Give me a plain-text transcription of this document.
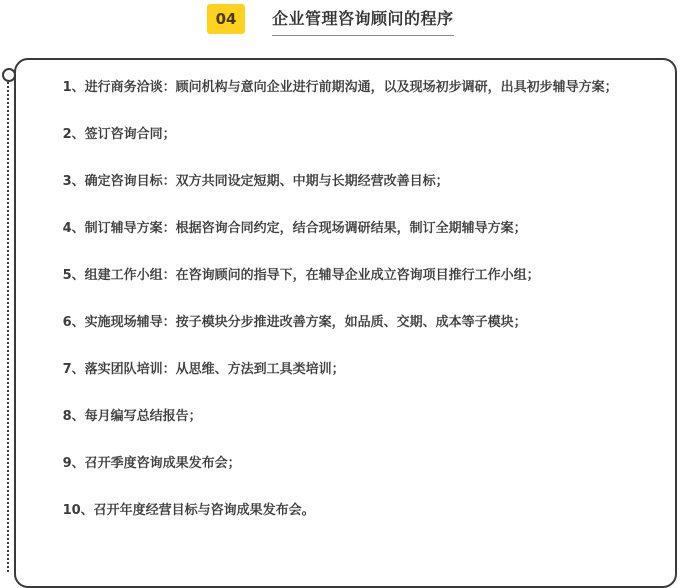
04	企业管理咨询顾问的程序

1、进行商务洽谈：顾问机构与意向企业进行前期沟通，以及现场初步调研，出具初步辅导方案；

2、签订咨询合同；

3、确定咨询目标：双方共同设定短期、中期与长期经营改善目标；

4、制订辅导方案：根据咨询合同约定，结合现场调研结果，制订全期辅导方案；

5、组建工作小组：在咨询顾问的指导下，在辅导企业成立咨询项目推行工作小组；

6、实施现场辅导：按子模块分步推进改善方案，如品质、交期、成本等子模块；

7、落实团队培训：从思维、方法到工具类培训；

8、每月编写总结报告；

9、召开季度咨询成果发布会；

10、召开年度经营目标与咨询成果发布会。
